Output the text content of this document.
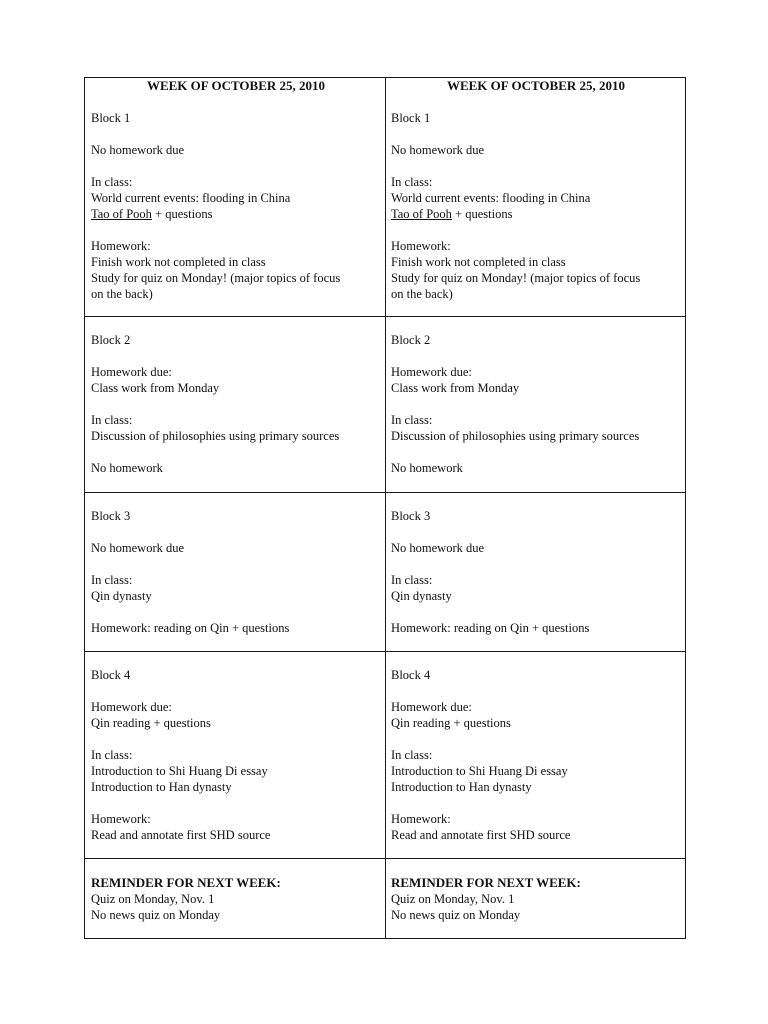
WEEK OF OCTOBER 25, 2010
Block 1
No homework due
In class:
World current events: flooding in China
Tao of Pooh + questions
Homework:
Finish work not completed in class
Study for quiz on Monday! (major topics of focus
on the back)
Block 2
Homework due:
Class work from Monday
In class:
Discussion of philosophies using primary sources
No homework
Block 3
No homework due
In class:
Qin dynasty
Homework: reading on Qin + questions
Block 4
Homework due:
Qin reading + questions
In class:
Introduction to Shi Huang Di essay
Introduction to Han dynasty
Homework:
Read and annotate first SHD source
REMINDER FOR NEXT WEEK:
Quiz on Monday, Nov. 1
No news quiz on Monday
WEEK OF OCTOBER 25, 2010
Block 1
No homework due
In class:
World current events: flooding in China
Tao of Pooh + questions
Homework:
Finish work not completed in class
Study for quiz on Monday! (major topics of focus
on the back)
Block 2
Homework due:
Class work from Monday
In class:
Discussion of philosophies using primary sources
No homework
Block 3
No homework due
In class:
Qin dynasty
Homework: reading on Qin + questions
Block 4
Homework due:
Qin reading + questions
In class:
Introduction to Shi Huang Di essay
Introduction to Han dynasty
Homework:
Read and annotate first SHD source
REMINDER FOR NEXT WEEK:
Quiz on Monday, Nov. 1
No news quiz on Monday
